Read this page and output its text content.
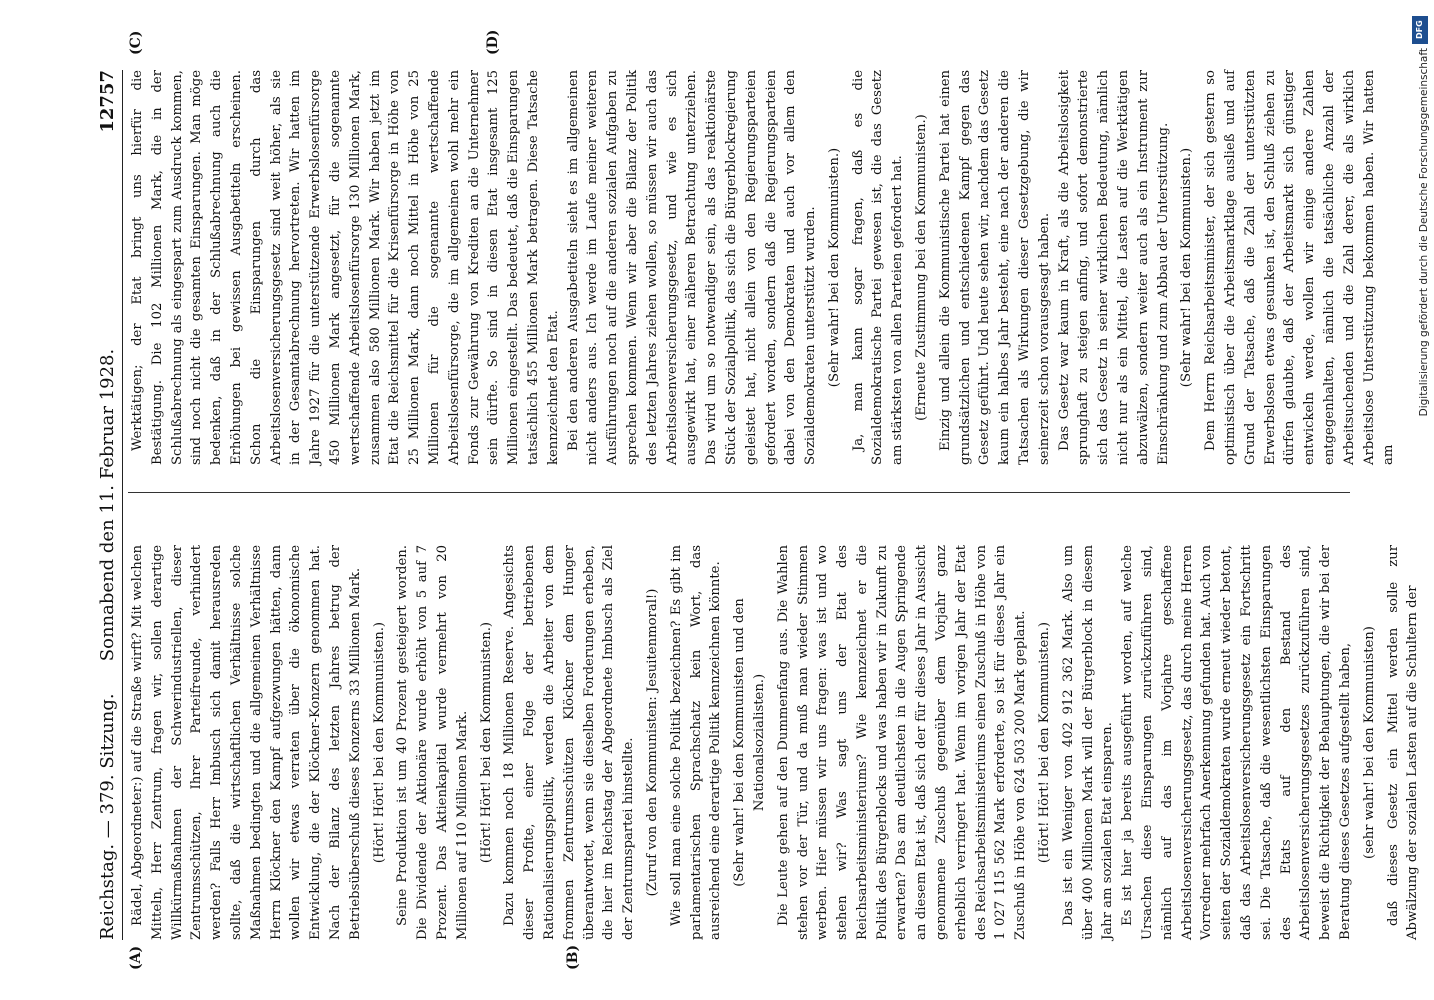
Reichstag. — 379. Sitzung.
Sonnabend den 11. Februar 1928.
12757
(A)	(B)
(C)	(D)

Rädel, Abgeordneter:) auf die Straße wirft? Mit welchen Mitteln, Herr Zentrum, fragen wir, sollen derartige Willkürmaßnahmen der Schwerindustriellen, dieser Zentrumsschützen, Ihrer Parteifreunde, verhindert werden? Falls Herr Imbusch sich damit herausreden sollte, daß die wirtschaftlichen Verhältnisse solche Maßnahmen bedingten und die allgemeinen Verhältnisse Herrn Klöckner den Kampf aufgezwungen hätten, dann wollen wir etwas verraten über die ökonomische Entwicklung, die der Klöckner-Konzern genommen hat. Nach der Bilanz des letzten Jahres betrug der Betriebsüberschuß dieses Konzerns 33 Millionen Mark. (Hört! Hört! bei den Kommunisten.) Seine Produktion ist um 40 Prozent gesteigert worden. Die Dividende der Aktionäre wurde erhöht von 5 auf 7 Prozent. Das Aktienkapital wurde vermehrt von 20 Millionen auf 110 Millionen Mark. (Hört! Hört! bei den Kommunisten.) Dazu kommen noch 18 Millionen Reserve. Angesichts dieser Profite, einer Folge der betriebenen Rationalisierungspolitik, werden die Arbeiter von dem frommen Zentrumsschützen Klöckner dem Hunger überantwortet, wenn sie dieselben Forderungen erheben, die hier im Reichstag der Abgeordnete Imbusch als Ziel der Zentrumspartei hinstellte. (Zuruf von den Kommunisten: Jesuitenmoral!) Wie soll man eine solche Politik bezeichnen? Es gibt im parlamentarischen Sprachschatz kein Wort, das ausreichend eine derartige Politik kennzeichnen könnte. (Sehr wahr! bei den Kommunisten und den Nationalsozialisten.) Die Leute gehen auf den Dummenfang aus. Die Wahlen stehen vor der Tür, und da muß man wieder Stimmen werben. Hier müssen wir uns fragen: was ist und wo stehen wir? Was sagt uns der Etat des Reichsarbeitsministeriums? Wie kennzeichnet er die Politik des Bürgerblocks und was haben wir in Zukunft zu erwarten? Das am deutlichsten in die Augen Springende an diesem Etat ist, daß sich der für dieses Jahr in Aussicht genommene Zuschuß gegenüber dem Vorjahr ganz erheblich verringert hat. Wenn im vorigen Jahr der Etat des Reichsarbeitsministeriums einen Zuschuß in Höhe von 1 027 115 562 Mark erforderte, so ist für dieses Jahr ein Zuschuß in Höhe von 624 503 200 Mark geplant. (Hört! Hört! bei den Kommunisten.) Das ist ein Weniger von 402 912 362 Mark. Also um über 400 Millionen Mark will der Bürgerblock in diesem Jahr am sozialen Etat einsparen. Es ist hier ja bereits ausgeführt worden, auf welche Ursachen diese Einsparungen zurückzuführen sind, nämlich auf das im Vorjahre geschaffene Arbeitslosenversicherungsgesetz, das durch meine Herren Vorredner mehrfach Anerkennung gefunden hat. Auch von seiten der Sozialdemokraten wurde erneut wieder betont, daß das Arbeitslosenversicherungsgesetz ein Fortschritt sei. Die Tatsache, daß die wesentlichsten Einsparungen des Etats auf den Bestand des Arbeitslosenversicherungsgesetzes zurückzuführen sind, beweist die Richtigkeit der Behauptungen, die wir bei der Beratung dieses Gesetzes aufgestellt haben, (sehr wahr! bei den Kommunisten) daß dieses Gesetz ein Mittel werden solle zur Abwälzung der sozialen Lasten auf die Schultern der

Werktätigen; der Etat bringt uns hierfür die Bestätigung. Die 102 Millionen Mark, die in der Schlußabrechnung als eingespart zum Ausdruck kommen, sind noch nicht die gesamten Einsparungen. Man möge bedenken, daß in der Schlußabrechnung auch die Erhöhungen bei gewissen Ausgabetiteln erscheinen. Schon die Einsparungen durch das Arbeitslosenversicherungsgesetz sind weit höher, als sie in der Gesamtabrechnung hervortreten. Wir hatten im Jahre 1927 für die unterstützende Erwerbslosenfürsorge 450 Millionen Mark angesetzt, für die sogenannte wertschaffende Arbeitslosenfürsorge 130 Millionen Mark, zusammen also 580 Millionen Mark. Wir haben jetzt im Etat die Reichsmittel für die Krisenfürsorge in Höhe von 25 Millionen Mark, dann noch Mittel in Höhe von 25 Millionen für die sogenannte wertschaffende Arbeitslosenfürsorge, die im allgemeinen wohl mehr ein Fonds zur Gewährung von Krediten an die Unternehmer sein dürfte. So sind in diesen Etat insgesamt 125 Millionen eingestellt. Das bedeutet, daß die Einsparungen tatsächlich 455 Millionen Mark betragen. Diese Tatsache kennzeichnet den Etat. Bei den anderen Ausgabetiteln sieht es im allgemeinen nicht anders aus. Ich werde im Laufe meiner weiteren Ausführungen noch auf die anderen sozialen Aufgaben zu sprechen kommen. Wenn wir aber die Bilanz der Politik des letzten Jahres ziehen wollen, so müssen wir auch das Arbeitslosenversicherungsgesetz, und wie es sich ausgewirkt hat, einer näheren Betrachtung unterziehen. Das wird um so notwendiger sein, als das reaktionärste Stück der Sozialpolitik, das sich die Bürgerblockregierung geleistet hat, nicht allein von den Regierungsparteien gefordert worden, sondern daß die Regierungsparteien dabei von den Demokraten und auch vor allem den Sozialdemokraten unterstützt wurden. (Sehr wahr! bei den Kommunisten.) Ja, man kann sogar fragen, daß es die Sozialdemokratische Partei gewesen ist, die das Gesetz am stärksten von allen Parteien gefordert hat. (Erneute Zustimmung bei den Kommunisten.) Einzig und allein die Kommunistische Partei hat einen grundsätzlichen und entschiedenen Kampf gegen das Gesetz geführt. Und heute sehen wir, nachdem das Gesetz kaum ein halbes Jahr besteht, eine nach der anderen die Tatsachen als Wirkungen dieser Gesetzgebung, die wir seinerzeit schon vorausgesagt haben. Das Gesetz war kaum in Kraft, als die Arbeitslosigkeit sprunghaft zu steigen anfing, und sofort demonstrierte sich das Gesetz in seiner wirklichen Bedeutung, nämlich nicht nur als ein Mittel, die Lasten auf die Werktätigen abzuwälzen, sondern weiter auch als ein Instrument zur Einschränkung und zum Abbau der Unterstützung. (Sehr wahr! bei den Kommunisten.) Dem Herrn Reichsarbeitsminister, der sich gestern so optimistisch über die Arbeitsmarktlage ausließ und auf Grund der Tatsache, daß die Zahl der unterstützten Erwerbslosen etwas gesunken ist, den Schluß ziehen zu dürfen glaubte, daß der Arbeitsmarkt sich günstiger entwickeln werde, wollen wir einige andere Zahlen entgegenhalten, nämlich die tatsächliche Anzahl der Arbeitsuchenden und die Zahl derer, die als wirklich Arbeitslose Unterstützung bekommen haben. Wir hatten am

DFG
Digitalisierung gefördert durch die Deutsche Forschungsgemeinschaft
